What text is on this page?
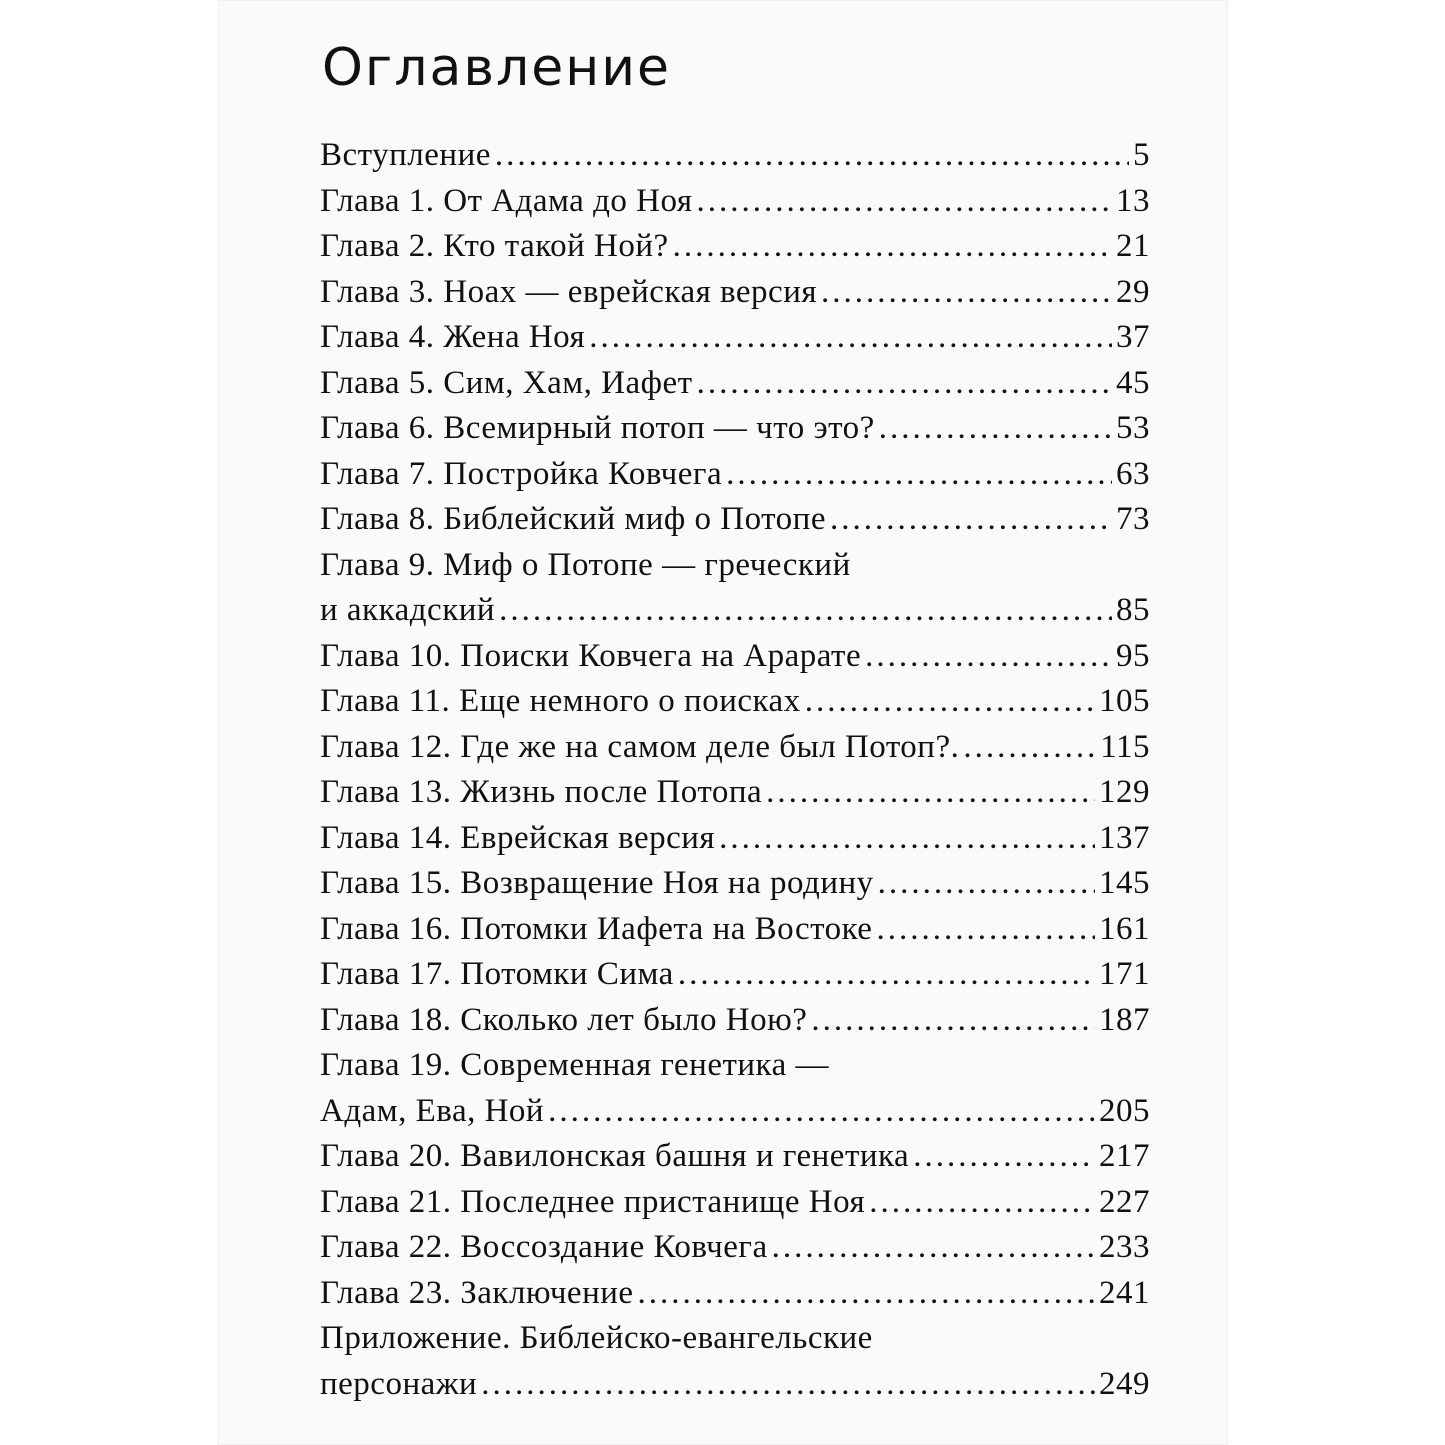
Оглавление
Вступление .....	5
Глава 1. От Адама до Ноя .....	13
Глава 2. Кто такой Ной? .....	21
Глава 3. Ноах — еврейская версия .....	29
Глава 4. Жена Ноя .....	37
Глава 5. Сим, Хам, Иафет .....	45
Глава 6. Всемирный потоп — что это? .....	53
Глава 7. Постройка Ковчега .....	63
Глава 8. Библейский миф о Потопе .....	73
Глава 9. Миф о Потопе — греческий
и аккадский .....	85
Глава 10. Поиски Ковчега на Арарате .....	95
Глава 11. Еще немного о поисках .....	105
Глава 12. Где же на самом деле был Потоп?. .....	115
Глава 13. Жизнь после Потопа .....	129
Глава 14. Еврейская версия .....	137
Глава 15. Возвращение Ноя на родину .....	145
Глава 16. Потомки Иафета на Востоке .....	161
Глава 17. Потомки Сима .....	171
Глава 18. Сколько лет было Ною? .....	187
Глава 19. Современная генетика —
Адам, Ева, Ной .....	205
Глава 20. Вавилонская башня и генетика .....	217
Глава 21. Последнее пристанище Ноя .....	227
Глава 22. Воссоздание Ковчега .....	233
Глава 23. Заключение .....	241
Приложение. Библейско-евангельские
персонажи .....	249
